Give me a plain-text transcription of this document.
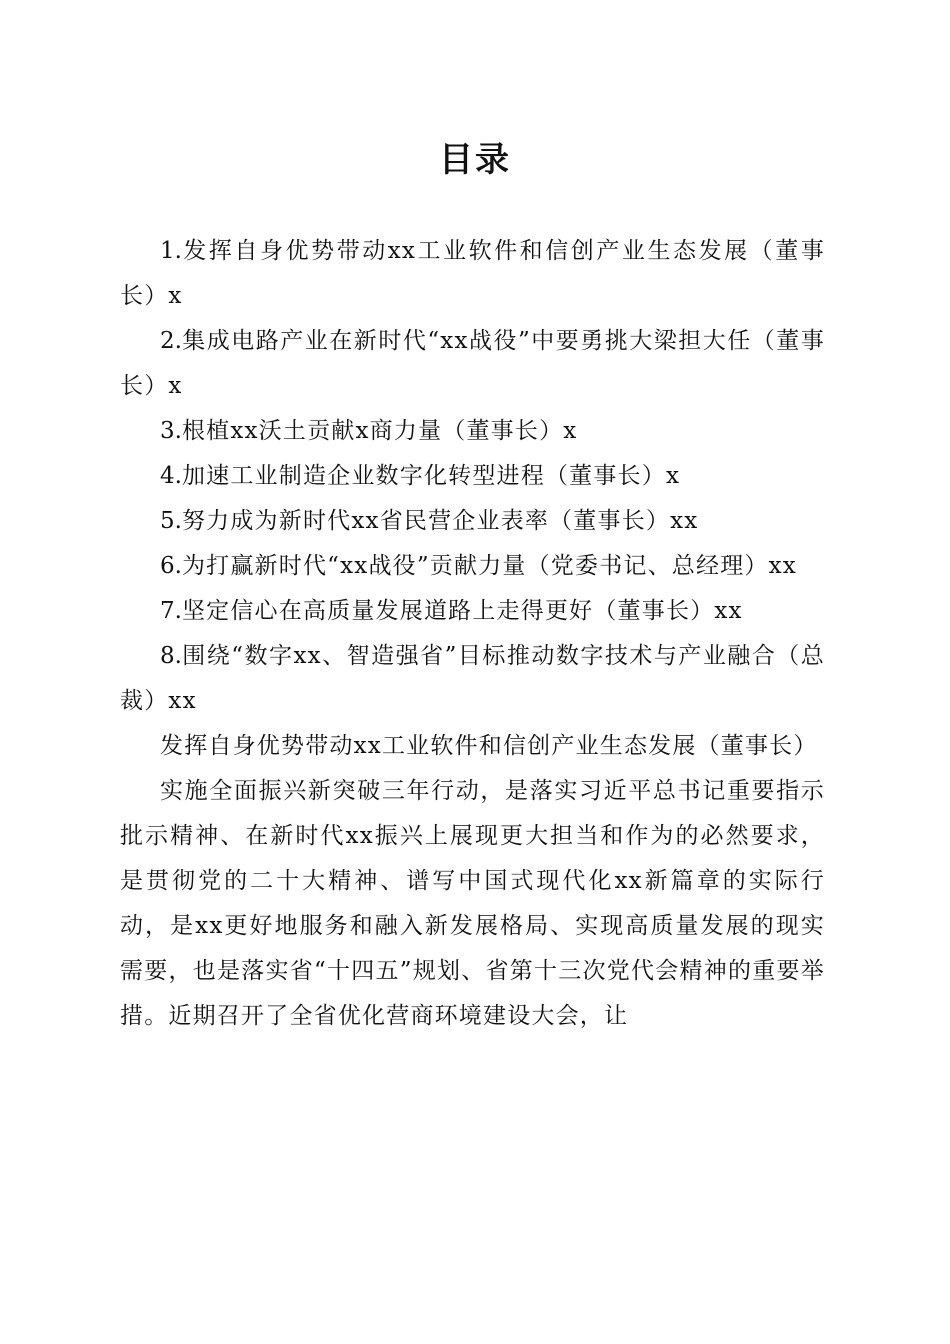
目录

1.发挥自身优势带动xx工业软件和信创产业生态发展（董事长）x

2.集成电路产业在新时代“xx战役”中要勇挑大梁担大任（董事长）x

3.根植xx沃土贡献x商力量（董事长）x

4.加速工业制造企业数字化转型进程（董事长）x

5.努力成为新时代xx省民营企业表率（董事长）xx

6.为打赢新时代“xx战役”贡献力量（党委书记、总经理）xx

7.坚定信心在高质量发展道路上走得更好（董事长）xx

8.围绕“数字xx、智造强省”目标推动数字技术与产业融合（总裁）xx

发挥自身优势带动xx工业软件和信创产业生态发展（董事长）

实施全面振兴新突破三年行动，是落实习近平总书记重要指示批示精神、在新时代xx振兴上展现更大担当和作为的必然要求，是贯彻党的二十大精神、谱写中国式现代化xx新篇章的实际行动，是xx更好地服务和融入新发展格局、实现高质量发展的现实需要，也是落实省“十四五”规划、省第十三次党代会精神的重要举措。近期召开了全省优化营商环境建设大会，让
